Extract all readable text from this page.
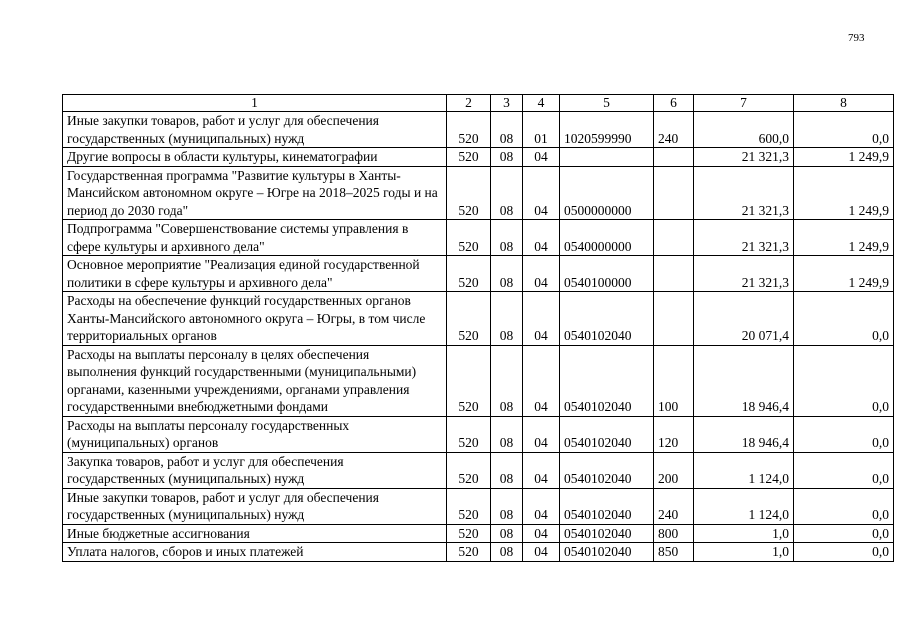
793
1	2	3	4	5	6	7	8
Иные закупки товаров, работ и услуг для обеспечения государственных (муниципальных) нужд	520	08	01	1020599990	240	600,0	0,0
Другие вопросы в области культуры, кинематографии	520	08	04			21 321,3	1 249,9
Государственная программа "Развитие культуры в Ханты-Мансийском автономном округе – Югре на 2018–2025 годы и на период до 2030 года"	520	08	04	0500000000		21 321,3	1 249,9
Подпрограмма "Совершенствование системы управления в сфере культуры и архивного дела"	520	08	04	0540000000		21 321,3	1 249,9
Основное мероприятие "Реализация единой государственной политики в сфере культуры и архивного дела"	520	08	04	0540100000		21 321,3	1 249,9
Расходы на обеспечение функций государственных органов Ханты-Мансийского автономного округа – Югры, в том числе территориальных органов	520	08	04	0540102040		20 071,4	0,0
Расходы на выплаты персоналу в целях обеспечения выполнения функций государственными (муниципальными) органами, казенными учреждениями, органами управления государственными внебюджетными фондами	520	08	04	0540102040	100	18 946,4	0,0
Расходы на выплаты персоналу государственных (муниципальных) органов	520	08	04	0540102040	120	18 946,4	0,0
Закупка товаров, работ и услуг для обеспечения государственных (муниципальных) нужд	520	08	04	0540102040	200	1 124,0	0,0
Иные закупки товаров, работ и услуг для обеспечения государственных (муниципальных) нужд	520	08	04	0540102040	240	1 124,0	0,0
Иные бюджетные ассигнования	520	08	04	0540102040	800	1,0	0,0
Уплата налогов, сборов и иных платежей	520	08	04	0540102040	850	1,0	0,0
